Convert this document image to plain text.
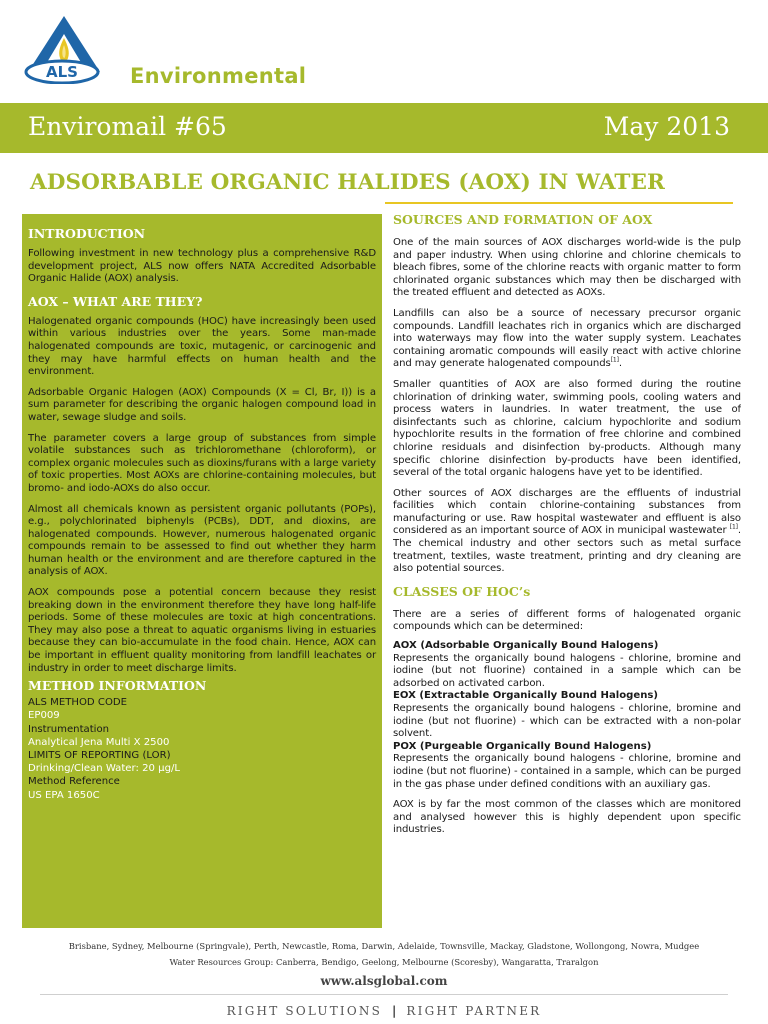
ALS Environmental
Enviromail #65	May 2013
ADSORBABLE ORGANIC HALIDES (AOX) IN WATER
INTRODUCTION

Following investment in new technology plus a comprehensive R&D development project, ALS now offers NATA Accredited Adsorbable Organic Halide (AOX) analysis.

AOX – WHAT ARE THEY?

Halogenated organic compounds (HOC) have increasingly been used within various industries over the years. Some man-made halogenated compounds are toxic, mutagenic, or carcinogenic and they may have harmful effects on human health and the environment.

Adsorbable Organic Halogen (AOX) Compounds (X = Cl, Br, I)) is a sum parameter for describing the organic halogen compound load in water, sewage sludge and soils.

The parameter covers a large group of substances from simple volatile substances such as trichloromethane (chloroform), or complex organic molecules such as dioxins/furans with a large variety of toxic properties. Most AOXs are chlorine-containing molecules, but bromo- and iodo-AOXs do also occur.

Almost all chemicals known as persistent organic pollutants (POPs), e.g., polychlorinated biphenyls (PCBs), DDT, and dioxins, are halogenated compounds. However, numerous halogenated organic compounds remain to be assessed to find out whether they harm human health or the environment and are therefore captured in the analysis of AOX.

AOX compounds pose a potential concern because they resist breaking down in the environment therefore they have long half-life periods. Some of these molecules are toxic at high concentrations. They may also pose a threat to aquatic organisms living in estuaries because they can bio-accumulate in the food chain. Hence, AOX can be important in effluent quality monitoring from landfill leachates or industry in order to meet discharge limits.

METHOD INFORMATION
ALS METHOD CODE
EP009
Instrumentation
Analytical Jena Multi X 2500
LIMITS OF REPORTING (LOR)
Drinking/Clean Water: 20 µg/L
Method Reference
US EPA 1650C
SOURCES AND FORMATION OF AOX

One of the main sources of AOX discharges world-wide is the pulp and paper industry. When using chlorine and chlorine chemicals to bleach fibres, some of the chlorine reacts with organic matter to form chlorinated organic substances which may then be discharged with the treated effluent and detected as AOXs.

Landfills can also be a source of necessary precursor organic compounds. Landfill leachates rich in organics which are discharged into waterways may flow into the water supply system. Leachates containing aromatic compounds will easily react with active chlorine and may generate halogenated compounds[1].

Smaller quantities of AOX are also formed during the routine chlorination of drinking water, swimming pools, cooling waters and process waters in laundries. In water treatment, the use of disinfectants such as chlorine, calcium hypochlorite and sodium hypochlorite results in the formation of free chlorine and combined chlorine residuals and disinfection by-products. Although many specific chlorine disinfection by-products have been identified, several of the total organic halogens have yet to be identified.

Other sources of AOX discharges are the effluents of industrial facilities which contain chlorine-containing substances from manufacturing or use. Raw hospital wastewater and effluent is also considered as an important source of AOX in municipal wastewater [1]. The chemical industry and other sectors such as metal surface treatment, textiles, waste treatment, printing and dry cleaning are also potential sources.

CLASSES OF HOC’s

There are a series of different forms of halogenated organic compounds which can be determined:

AOX (Adsorbable Organically Bound Halogens)

Represents the organically bound halogens - chlorine, bromine and iodine (but not fluorine) contained in a sample which can be adsorbed on activated carbon.

EOX (Extractable Organically Bound Halogens)

Represents the organically bound halogens - chlorine, bromine and iodine (but not fluorine) - which can be extracted with a non-polar solvent.

POX (Purgeable Organically Bound Halogens)

Represents the organically bound halogens - chlorine, bromine and iodine (but not fluorine) - contained in a sample, which can be purged in the gas phase under defined conditions with an auxiliary gas.

AOX is by far the most common of the classes which are monitored and analysed however this is highly dependent upon specific industries.

Brisbane, Sydney, Melbourne (Springvale), Perth, Newcastle, Roma, Darwin, Adelaide, Townsville, Mackay, Gladstone, Wollongong, Nowra, Mudgee
Water Resources Group: Canberra, Bendigo, Geelong, Melbourne (Scoresby), Wangaratta, Traralgon
www.alsglobal.com
RIGHT SOLUTIONS | RIGHT PARTNER
